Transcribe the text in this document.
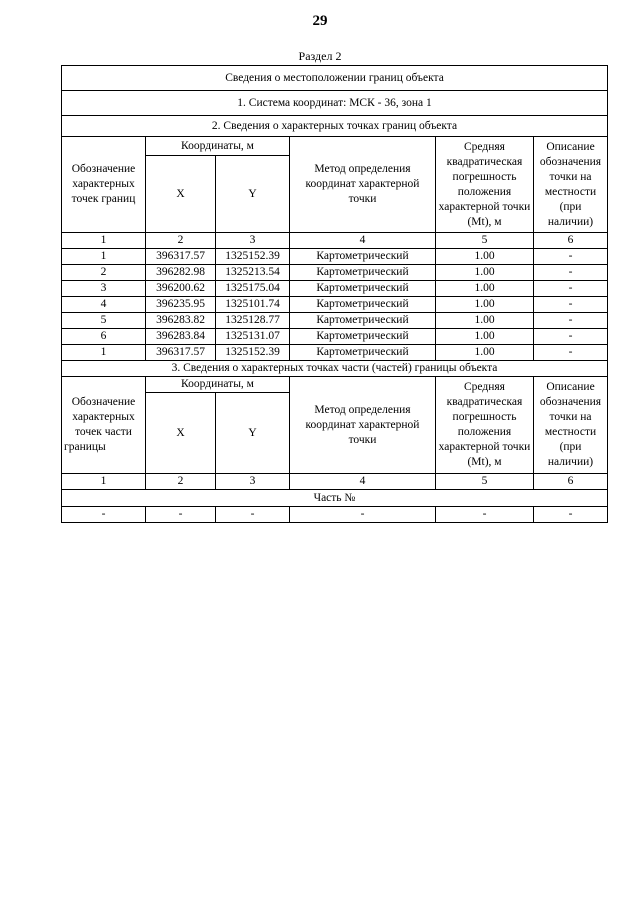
29
Раздел 2
Сведения о местоположении границ объекта					
1. Система координат: МСК - 36, зона 1					
2. Сведения о характерных точках границ объекта					
Обозначение характерных точек границ	Координаты, м		Метод определения координат характерной точки	Средняя квадратическая погрешность положения характерной точки (Mt), м	Описание обозначения точки на местности (при наличии)
	X	Y			
1	2	3	4	5	6
1	396317.57	1325152.39	Картометрический	1.00	-
2	396282.98	1325213.54	Картометрический	1.00	-
3	396200.62	1325175.04	Картометрический	1.00	-
4	396235.95	1325101.74	Картометрический	1.00	-
5	396283.82	1325128.77	Картометрический	1.00	-
6	396283.84	1325131.07	Картометрический	1.00	-
1	396317.57	1325152.39	Картометрический	1.00	-
3. Сведения о характерных точках части (частей) границы объекта					
Обозначение характерных точек части границы	Координаты, м		Метод определения координат характерной точки	Средняя квадратическая погрешность положения характерной точки (Mt), м	Описание обозначения точки на местности (при наличии)
	X	Y			
1	2	3	4	5	6
Часть №					
-	-	-	-	-	-
